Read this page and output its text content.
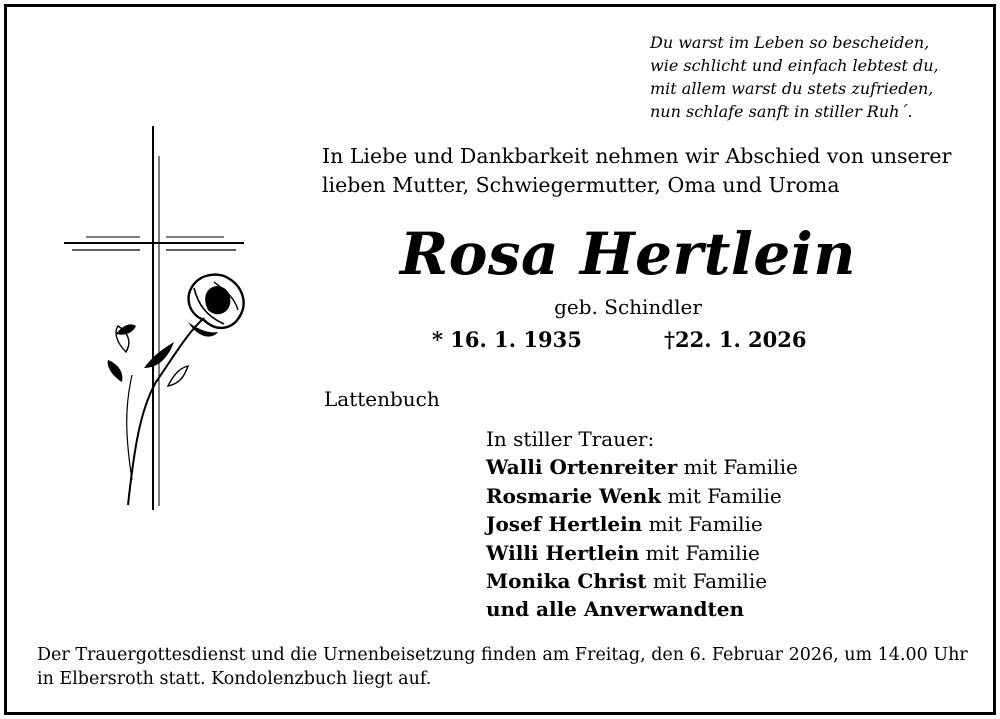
Du warst im Leben so bescheiden,
wie schlicht und einfach lebtest du,
mit allem warst du stets zufrieden,
nun schlafe sanft in stiller Ruh´.
In Liebe und Dankbarkeit nehmen wir Abschied von unserer
lieben Mutter, Schwiegermutter, Oma und Uroma
Rosa Hertlein
geb. Schindler
* 16. 1. 1935	†22. 1. 2026
Lattenbuch
In stiller Trauer:
Walli Ortenreiter mit Familie
Rosmarie Wenk mit Familie
Josef Hertlein mit Familie
Willi Hertlein mit Familie
Monika Christ mit Familie
und alle Anverwandten
Der Trauergottesdienst und die Urnenbeisetzung finden am Freitag, den 6. Februar 2026, um 14.00 Uhr
in Elbersroth statt. Kondolenzbuch liegt auf.
